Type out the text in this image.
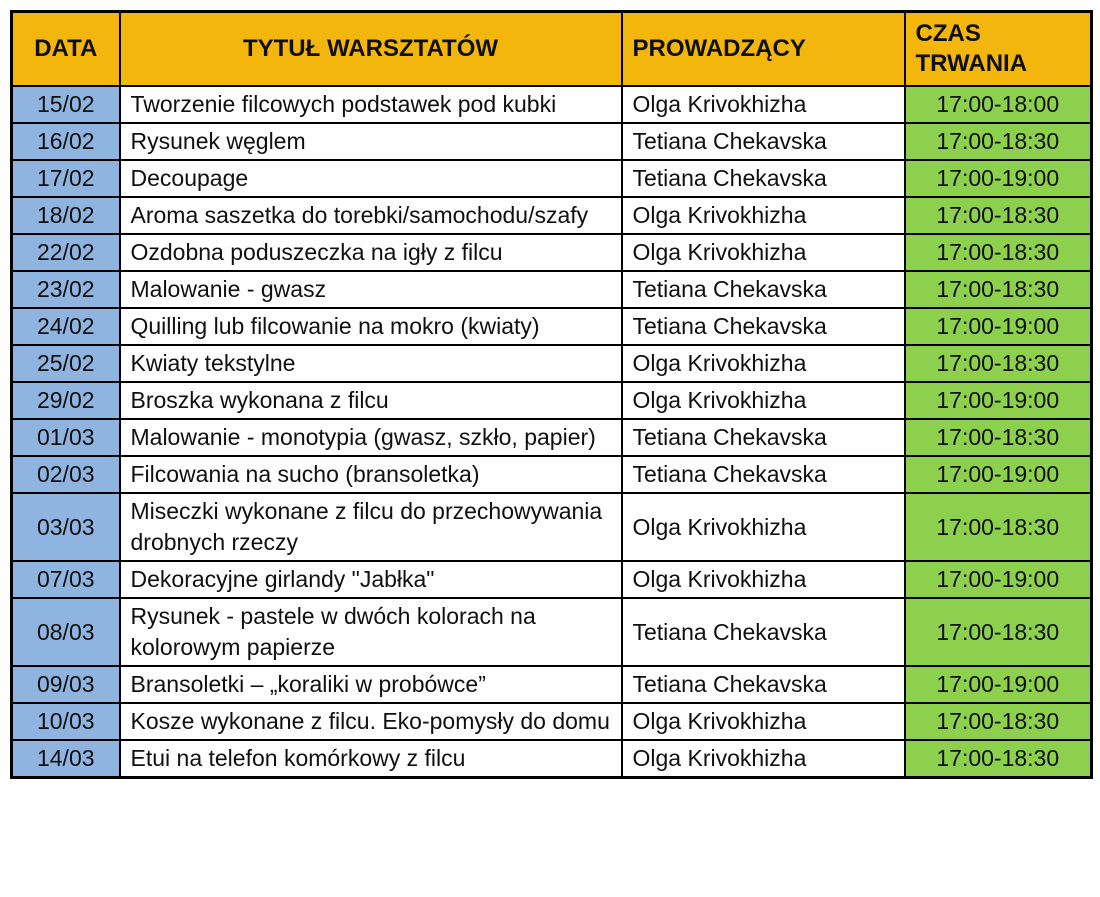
DATA	TYTUŁ WARSZTATÓW	PROWADZĄCY	CZAS TRWANIA
15/02	Tworzenie filcowych podstawek pod kubki	Olga Krivokhizha	17:00-18:00
16/02	Rysunek węglem	Tetiana Chekavska	17:00-18:30
17/02	Decoupage	Tetiana Chekavska	17:00-19:00
18/02	Aroma saszetka do torebki/samochodu/szafy	Olga Krivokhizha	17:00-18:30
22/02	Ozdobna poduszeczka na igły z filcu	Olga Krivokhizha	17:00-18:30
23/02	Malowanie - gwasz	Tetiana Chekavska	17:00-18:30
24/02	Quilling lub filcowanie na mokro (kwiaty)	Tetiana Chekavska	17:00-19:00
25/02	Kwiaty tekstylne	Olga Krivokhizha	17:00-18:30
29/02	Broszka wykonana z filcu	Olga Krivokhizha	17:00-19:00
01/03	Malowanie - monotypia (gwasz, szkło, papier)	Tetiana Chekavska	17:00-18:30
02/03	Filcowania na sucho (bransoletka)	Tetiana Chekavska	17:00-19:00
03/03	Miseczki wykonane z filcu do przechowywania drobnych rzeczy	Olga Krivokhizha	17:00-18:30
07/03	Dekoracyjne girlandy "Jabłka"	Olga Krivokhizha	17:00-19:00
08/03	Rysunek - pastele w dwóch kolorach na kolorowym papierze	Tetiana Chekavska	17:00-18:30
09/03	Bransoletki – „koraliki w probówce”	Tetiana Chekavska	17:00-19:00
10/03	Kosze wykonane z filcu. Eko-pomysły do domu	Olga Krivokhizha	17:00-18:30
14/03	Etui na telefon komórkowy z filcu	Olga Krivokhizha	17:00-18:30
